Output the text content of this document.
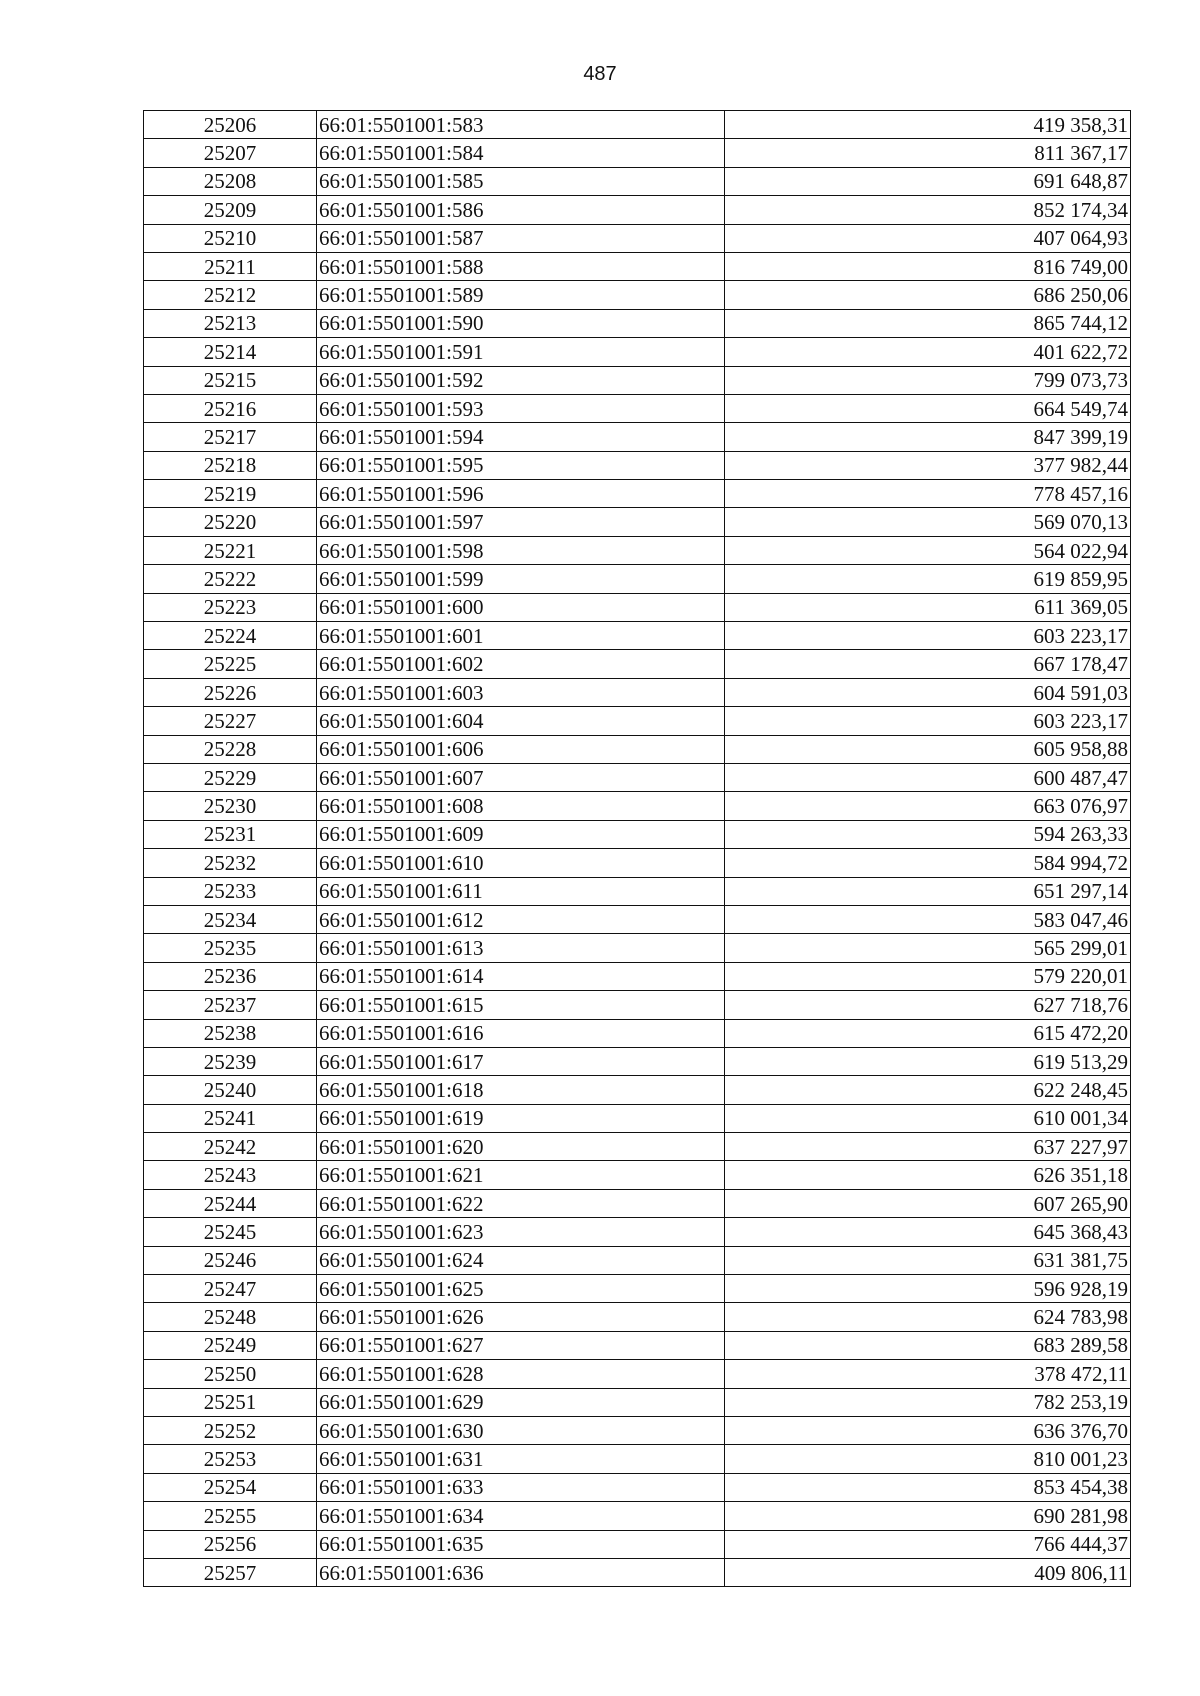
487
25206	66:01:5501001:583	419 358,31
25207	66:01:5501001:584	811 367,17
25208	66:01:5501001:585	691 648,87
25209	66:01:5501001:586	852 174,34
25210	66:01:5501001:587	407 064,93
25211	66:01:5501001:588	816 749,00
25212	66:01:5501001:589	686 250,06
25213	66:01:5501001:590	865 744,12
25214	66:01:5501001:591	401 622,72
25215	66:01:5501001:592	799 073,73
25216	66:01:5501001:593	664 549,74
25217	66:01:5501001:594	847 399,19
25218	66:01:5501001:595	377 982,44
25219	66:01:5501001:596	778 457,16
25220	66:01:5501001:597	569 070,13
25221	66:01:5501001:598	564 022,94
25222	66:01:5501001:599	619 859,95
25223	66:01:5501001:600	611 369,05
25224	66:01:5501001:601	603 223,17
25225	66:01:5501001:602	667 178,47
25226	66:01:5501001:603	604 591,03
25227	66:01:5501001:604	603 223,17
25228	66:01:5501001:606	605 958,88
25229	66:01:5501001:607	600 487,47
25230	66:01:5501001:608	663 076,97
25231	66:01:5501001:609	594 263,33
25232	66:01:5501001:610	584 994,72
25233	66:01:5501001:611	651 297,14
25234	66:01:5501001:612	583 047,46
25235	66:01:5501001:613	565 299,01
25236	66:01:5501001:614	579 220,01
25237	66:01:5501001:615	627 718,76
25238	66:01:5501001:616	615 472,20
25239	66:01:5501001:617	619 513,29
25240	66:01:5501001:618	622 248,45
25241	66:01:5501001:619	610 001,34
25242	66:01:5501001:620	637 227,97
25243	66:01:5501001:621	626 351,18
25244	66:01:5501001:622	607 265,90
25245	66:01:5501001:623	645 368,43
25246	66:01:5501001:624	631 381,75
25247	66:01:5501001:625	596 928,19
25248	66:01:5501001:626	624 783,98
25249	66:01:5501001:627	683 289,58
25250	66:01:5501001:628	378 472,11
25251	66:01:5501001:629	782 253,19
25252	66:01:5501001:630	636 376,70
25253	66:01:5501001:631	810 001,23
25254	66:01:5501001:633	853 454,38
25255	66:01:5501001:634	690 281,98
25256	66:01:5501001:635	766 444,37
25257	66:01:5501001:636	409 806,11
